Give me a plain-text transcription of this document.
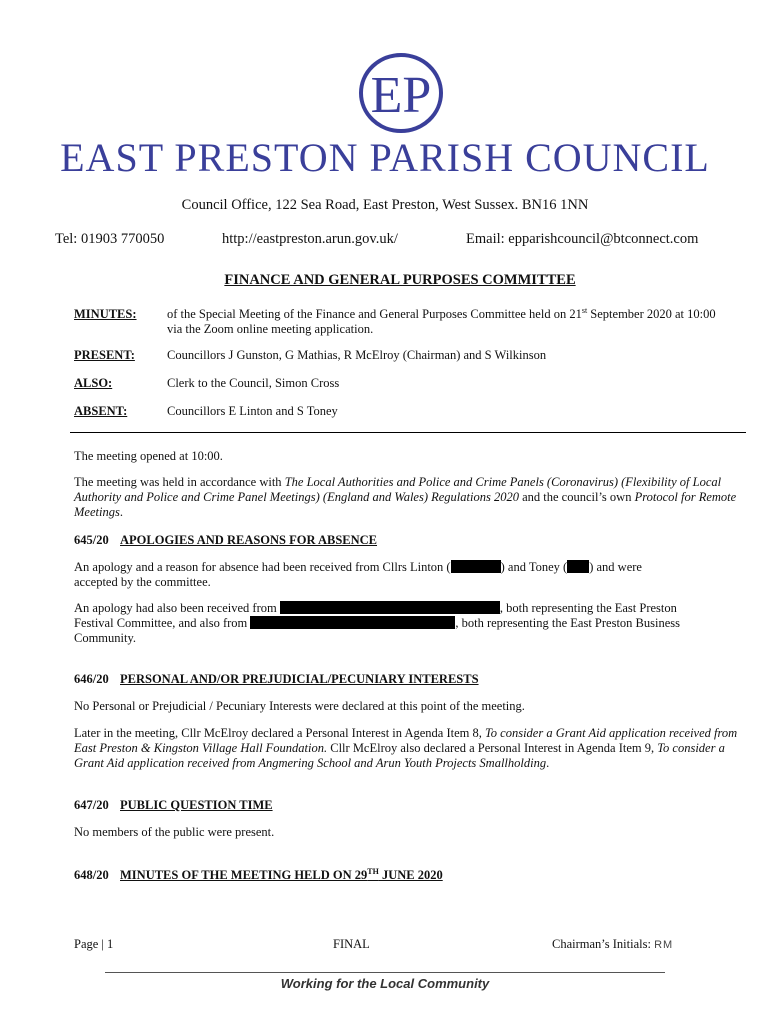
EP
EAST PRESTON PARISH COUNCIL
Council Office, 122 Sea Road, East Preston, West Sussex. BN16 1NN
Tel: 01903 770050	http://eastpreston.arun.gov.uk/	Email: epparishcouncil@btconnect.com
FINANCE AND GENERAL PURPOSES COMMITTEE
MINUTES: of the Special Meeting of the Finance and General Purposes Committee held on 21st September 2020 at 10:00
via the Zoom online meeting application.
PRESENT:	Councillors J Gunston, G Mathias, R McElroy (Chairman) and S Wilkinson
ALSO:	Clerk to the Council, Simon Cross
ABSENT:	Councillors E Linton and S Toney
The meeting opened at 10:00.
The meeting was held in accordance with The Local Authorities and Police and Crime Panels (Coronavirus) (Flexibility of Local Authority and Police and Crime Panel Meetings) (England and Wales) Regulations 2020 and the council’s own Protocol for Remote Meetings.
645/20 APOLOGIES AND REASONS FOR ABSENCE
An apology and a reason for absence had been received from Cllrs Linton (	) and Toney ( ) and were
accepted by the committee.
An apology had also been received from	, both representing the East Preston
Festival Committee, and also from	, both representing the East Preston Business
Community.
646/20 PERSONAL AND/OR PREJUDICIAL/PECUNIARY INTERESTS
No Personal or Prejudicial / Pecuniary Interests were declared at this point of the meeting.
Later in the meeting, Cllr McElroy declared a Personal Interest in Agenda Item 8, To consider a Grant Aid application received from East Preston & Kingston Village Hall Foundation. Cllr McElroy also declared a Personal Interest in Agenda Item 9, To consider a Grant Aid application received from Angmering School and Arun Youth Projects Smallholding.
647/20 PUBLIC QUESTION TIME
No members of the public were present.
648/20 MINUTES OF THE MEETING HELD ON 29TH JUNE 2020
Page | 1	FINAL	Chairman’s Initials: RM
Working for the Local Community
